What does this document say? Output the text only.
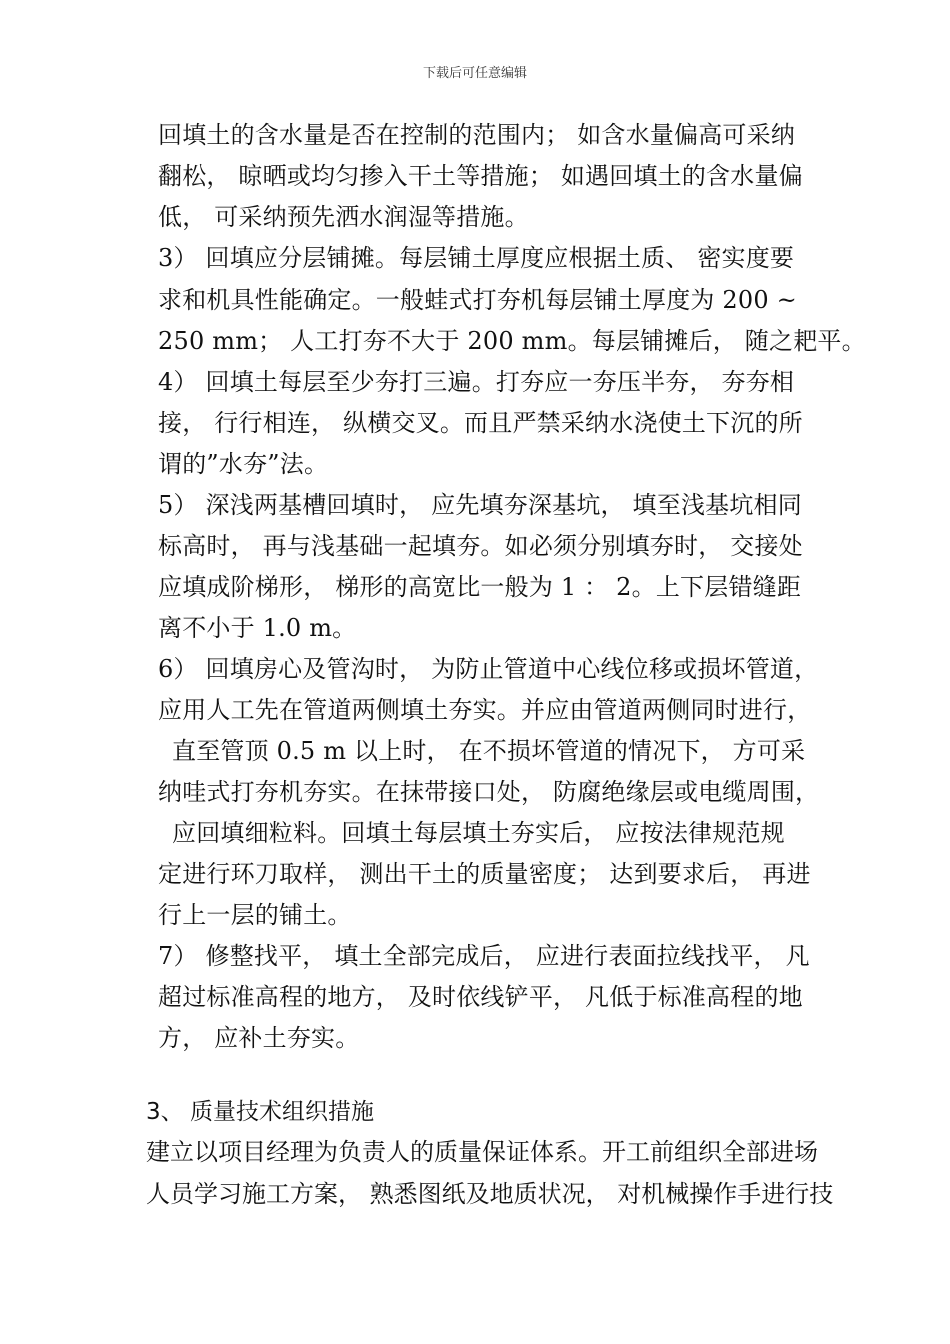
下载后可任意编辑
回填土的含水量是否在控制的范围内； 如含水量偏高可采纳
翻松， 晾晒或均匀掺入干土等措施； 如遇回填土的含水量偏
低， 可采纳预先洒水润湿等措施。
3） 回填应分层铺摊。每层铺土厚度应根据土质、 密实度要
求和机具性能确定。一般蛙式打夯机每层铺土厚度为 200 ~
250 mm； 人工打夯不大于 200 mm。每层铺摊后， 随之耙平。
4） 回填土每层至少夯打三遍。打夯应一夯压半夯， 夯夯相
接， 行行相连， 纵横交叉。而且严禁采纳水浇使土下沉的所
谓的”水夯”法。
5） 深浅两基槽回填时， 应先填夯深基坑， 填至浅基坑相同
标高时， 再与浅基础一起填夯。如必须分别填夯时， 交接处
应填成阶梯形， 梯形的高宽比一般为 1 ： 2。上下层错缝距
离不小于 1.0 m。
6） 回填房心及管沟时， 为防止管道中心线位移或损坏管道，
应用人工先在管道两侧填土夯实。并应由管道两侧同时进行，
直至管顶 0.5 m 以上时， 在不损坏管道的情况下， 方可采
纳哇式打夯机夯实。在抹带接口处， 防腐绝缘层或电缆周围，
应回填细粒料。回填土每层填土夯实后， 应按法律规范规
定进行环刀取样， 测出干土的质量密度； 达到要求后， 再进
行上一层的铺土。
7） 修整找平， 填土全部完成后， 应进行表面拉线找平， 凡
超过标准高程的地方， 及时依线铲平， 凡低于标准高程的地
方， 应补土夯实。
3、 质量技术组织措施
建立以项目经理为负责人的质量保证体系。开工前组织全部进场
人员学习施工方案， 熟悉图纸及地质状况， 对机械操作手进行技
